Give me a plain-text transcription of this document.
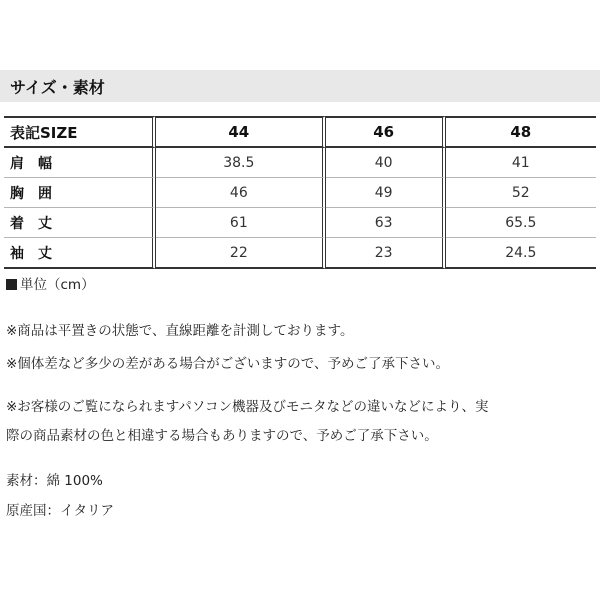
サイズ・素材
表記SIZE	44	46	48
肩　幅	38.5	40	41
胸　囲	46	49	52
着　丈	61	63	65.5
袖　丈	22	23	24.5
単位（cm）
※商品は平置きの状態で、直線距離を計測しております。
※個体差など多少の差がある場合がございますので、予めご了承下さい。
※お客様のご覧になられますパソコン機器及びモニタなどの違いなどにより、実
際の商品素材の色と相違する場合もありますので、予めご了承下さい。
素材：綿 100%
原産国：イタリア
